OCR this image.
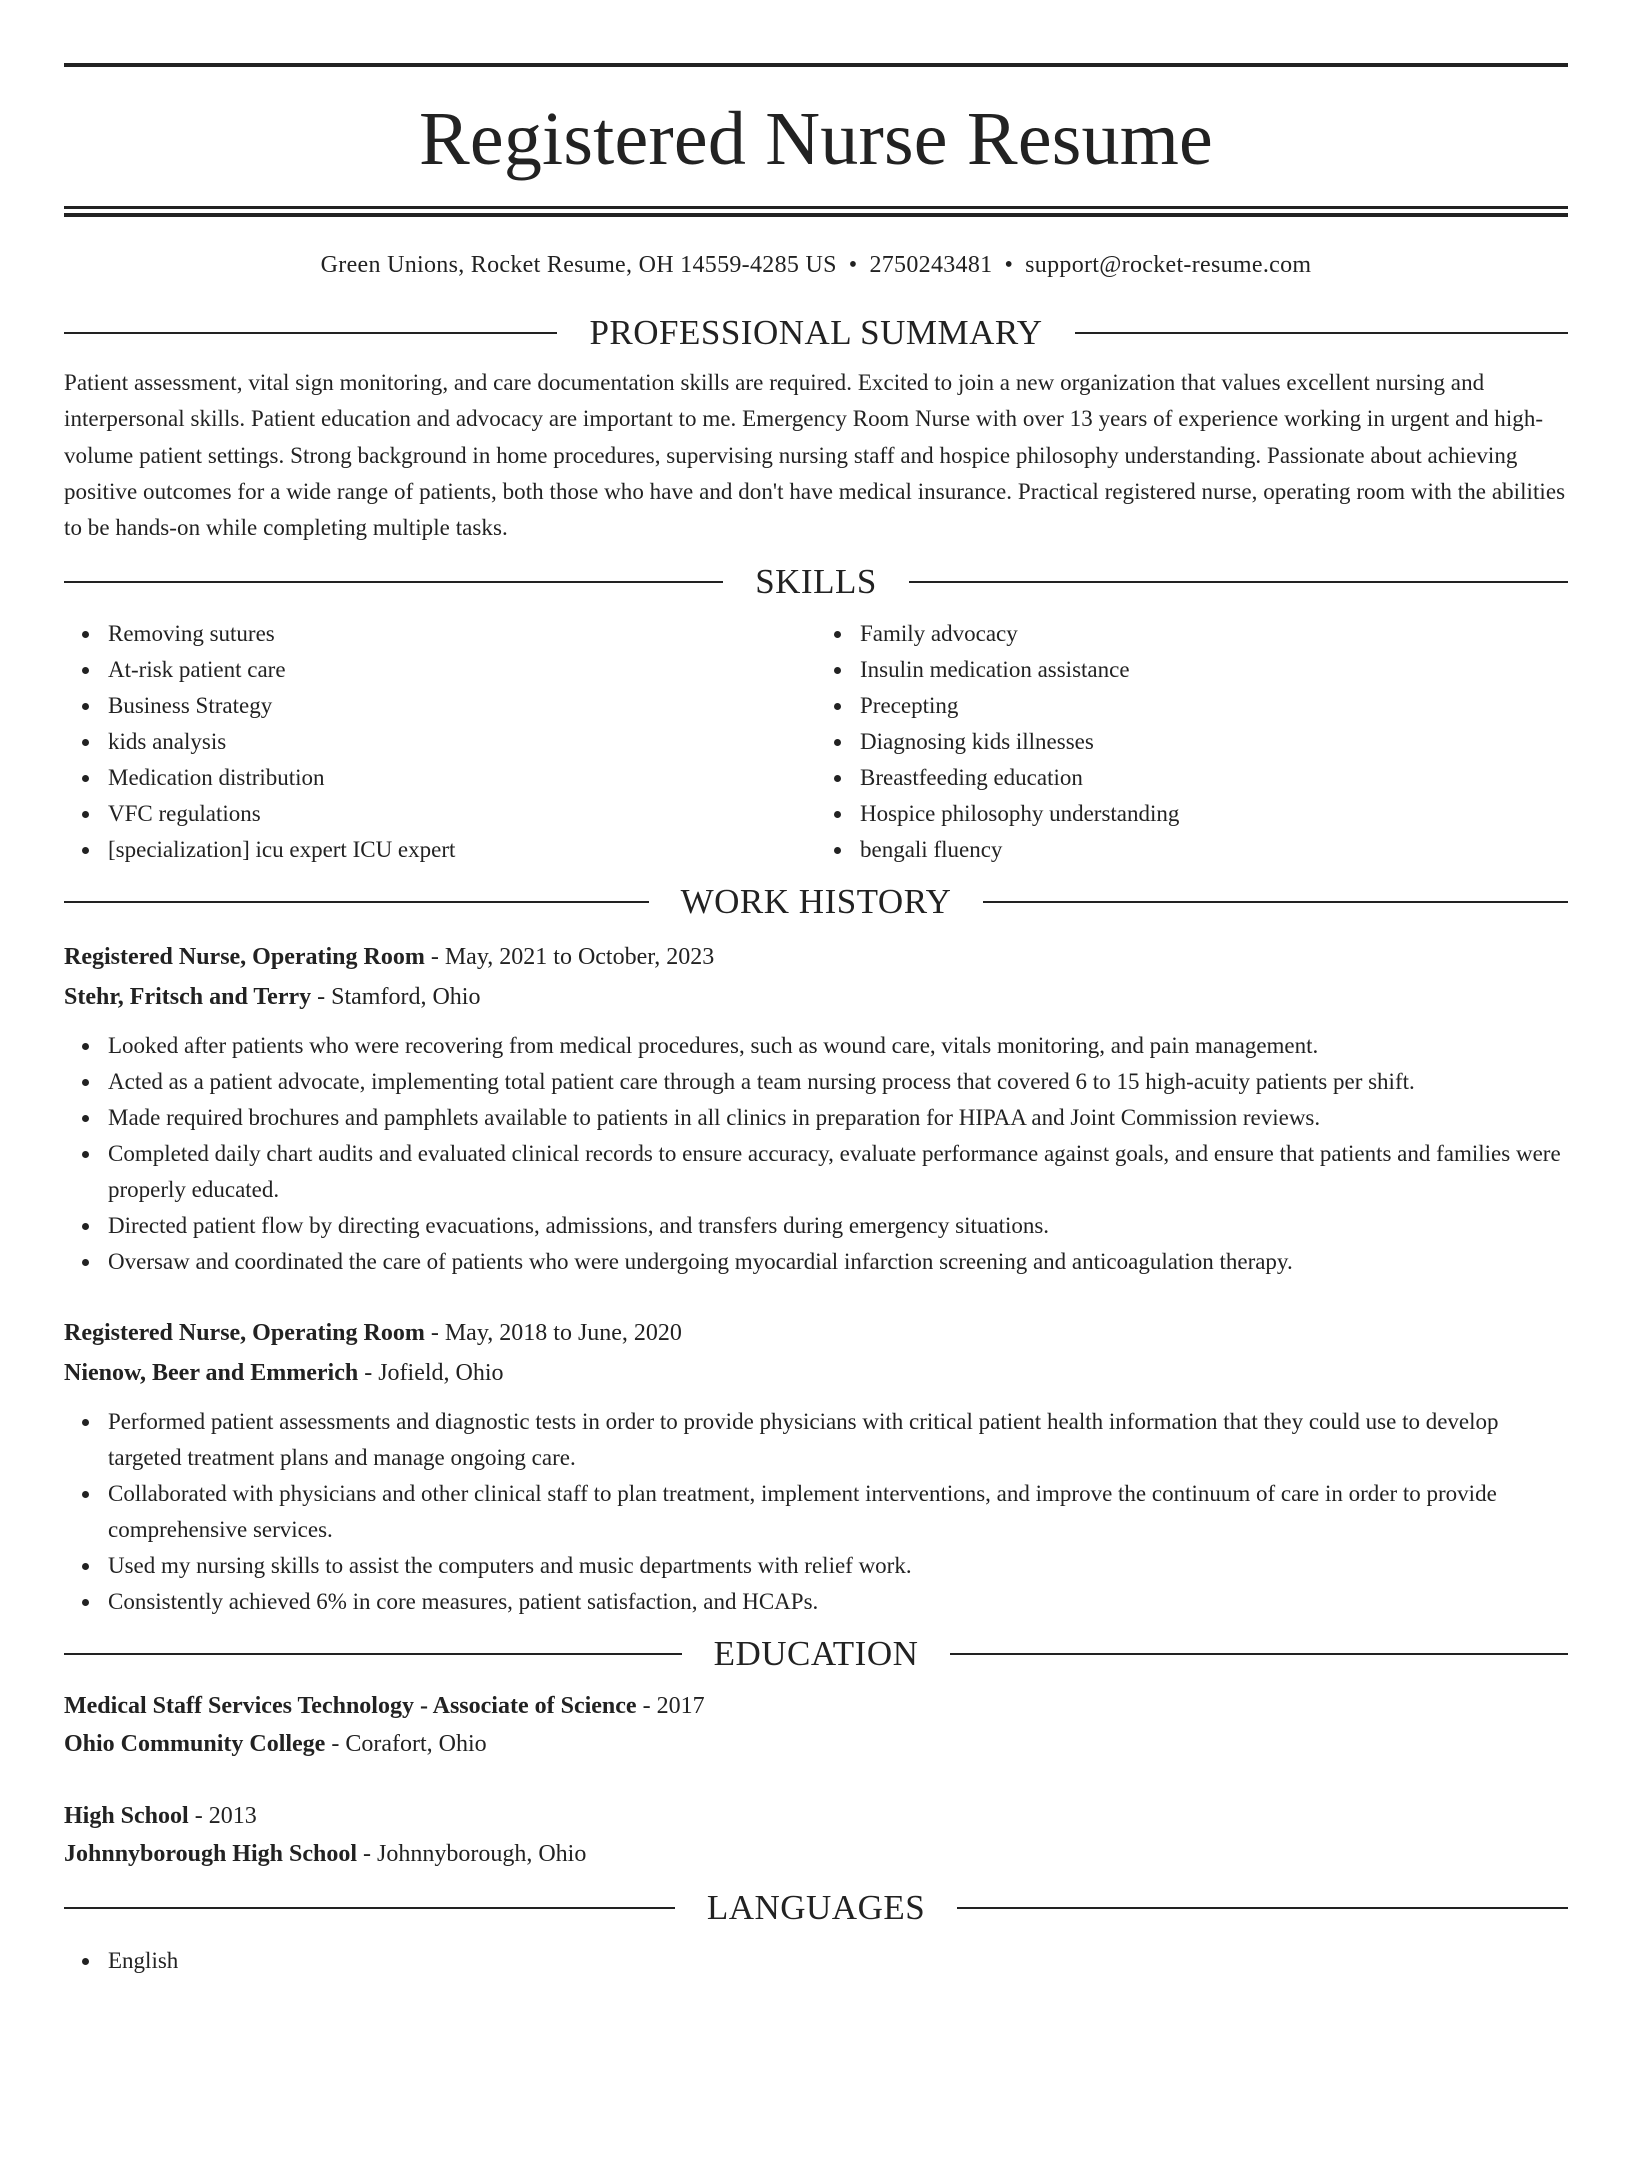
Registered Nurse Resume
Green Unions, Rocket Resume, OH 14559-4285 US • 2750243481 • support@rocket-resume.com
PROFESSIONAL SUMMARY

Patient assessment, vital sign monitoring, and care documentation skills are required. Excited to join a new organization that values excellent nursing and interpersonal skills. Patient education and advocacy are important to me. Emergency Room Nurse with over 13 years of experience working in urgent and high-volume patient settings. Strong background in home procedures, supervising nursing staff and hospice philosophy understanding. Passionate about achieving positive outcomes for a wide range of patients, both those who have and don't have medical insurance. Practical registered nurse, operating room with the abilities to be hands-on while completing multiple tasks.

SKILLS
Removing sutures
At-risk patient care
Business Strategy
kids analysis
Medication distribution
VFC regulations
[specialization] icu expert ICU expert
Family advocacy
Insulin medication assistance
Precepting
Diagnosing kids illnesses
Breastfeeding education
Hospice philosophy understanding
bengali fluency
WORK HISTORY
Registered Nurse, Operating Room - May, 2021 to October, 2023
Stehr, Fritsch and Terry - Stamford, Ohio
Looked after patients who were recovering from medical procedures, such as wound care, vitals monitoring, and pain management.
Acted as a patient advocate, implementing total patient care through a team nursing process that covered 6 to 15 high-acuity patients per shift.
Made required brochures and pamphlets available to patients in all clinics in preparation for HIPAA and Joint Commission reviews.
Completed daily chart audits and evaluated clinical records to ensure accuracy, evaluate performance against goals, and ensure that patients and families were properly educated.
Directed patient flow by directing evacuations, admissions, and transfers during emergency situations.
Oversaw and coordinated the care of patients who were undergoing myocardial infarction screening and anticoagulation therapy.
Registered Nurse, Operating Room - May, 2018 to June, 2020
Nienow, Beer and Emmerich - Jofield, Ohio
Performed patient assessments and diagnostic tests in order to provide physicians with critical patient health information that they could use to develop targeted treatment plans and manage ongoing care.
Collaborated with physicians and other clinical staff to plan treatment, implement interventions, and improve the continuum of care in order to provide comprehensive services.
Used my nursing skills to assist the computers and music departments with relief work.
Consistently achieved 6% in core measures, patient satisfaction, and HCAPs.
EDUCATION
Medical Staff Services Technology - Associate of Science - 2017
Ohio Community College - Corafort, Ohio
High School - 2013
Johnnyborough High School - Johnnyborough, Ohio
LANGUAGES
English
